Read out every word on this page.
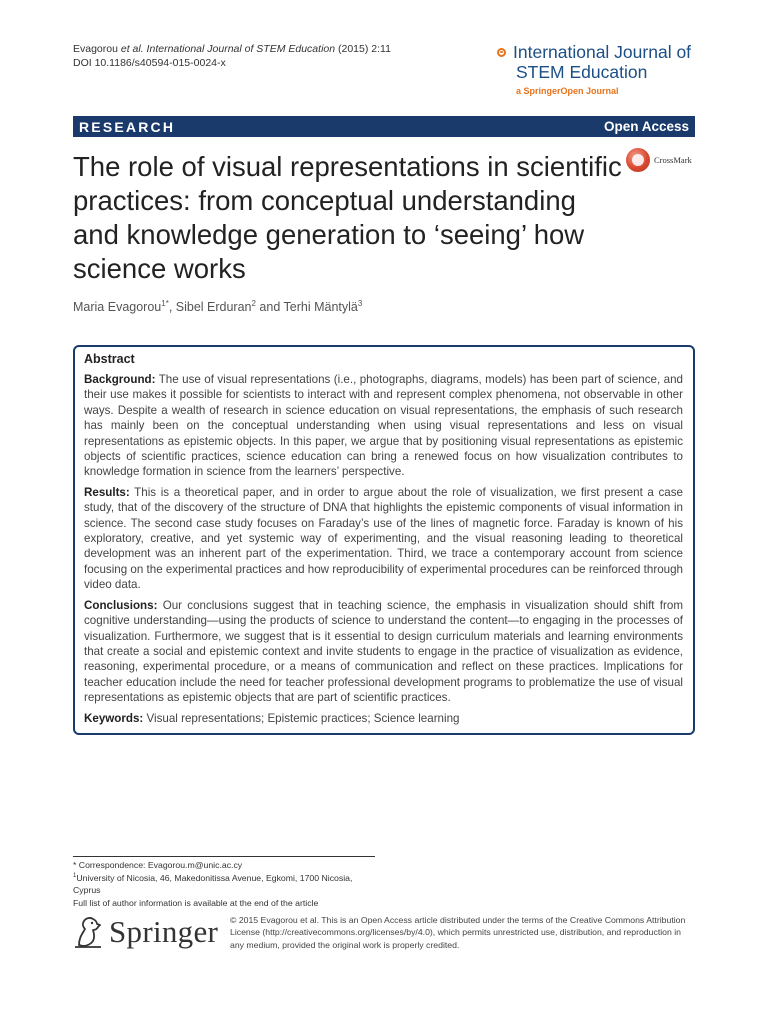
Evagorou et al. International Journal of STEM Education (2015) 2:11
DOI 10.1186/s40594-015-0024-x
International Journal of
STEM Education
a SpringerOpen Journal
RESEARCH	Open Access
CrossMark
The role of visual representations in scientific practices: from conceptual understanding and knowledge generation to ‘seeing’ how science works
Maria Evagorou$^{1*}$, Sibel Erduran$^2$ and Terhi Mäntylä$^3$
Abstract

Background: The use of visual representations (i.e., photographs, diagrams, models) has been part of science, and their use makes it possible for scientists to interact with and represent complex phenomena, not observable in other ways. Despite a wealth of research in science education on visual representations, the emphasis of such research has mainly been on the conceptual understanding when using visual representations and less on visual representations as epistemic objects. In this paper, we argue that by positioning visual representations as epistemic objects of scientific practices, science education can bring a renewed focus on how visualization contributes to knowledge formation in science from the learners’ perspective.

Results: This is a theoretical paper, and in order to argue about the role of visualization, we first present a case study, that of the discovery of the structure of DNA that highlights the epistemic components of visual information in science. The second case study focuses on Faraday’s use of the lines of magnetic force. Faraday is known of his exploratory, creative, and yet systemic way of experimenting, and the visual reasoning leading to theoretical development was an inherent part of the experimentation. Third, we trace a contemporary account from science focusing on the experimental practices and how reproducibility of experimental procedures can be reinforced through video data.

Conclusions: Our conclusions suggest that in teaching science, the emphasis in visualization should shift from cognitive understanding—using the products of science to understand the content—to engaging in the processes of visualization. Furthermore, we suggest that is it essential to design curriculum materials and learning environments that create a social and epistemic context and invite students to engage in the practice of visualization as evidence, reasoning, experimental procedure, or a means of communication and reflect on these practices. Implications for teacher education include the need for teacher professional development programs to problematize the use of visual representations as epistemic objects that are part of scientific practices.

Keywords: Visual representations; Epistemic practices; Science learning

* Correspondence: Evagorou.m@unic.ac.cy
$^1$University of Nicosia, 46, Makedonitissa Avenue, Egkomi, 1700 Nicosia,
Cyprus
Full list of author information is available at the end of the article
Springer © 2015 Evagorou et al. This is an Open Access article distributed under the terms of the Creative Commons Attribution License (http://creativecommons.org/licenses/by/4.0), which permits unrestricted use, distribution, and reproduction in any medium, provided the original work is properly credited.
